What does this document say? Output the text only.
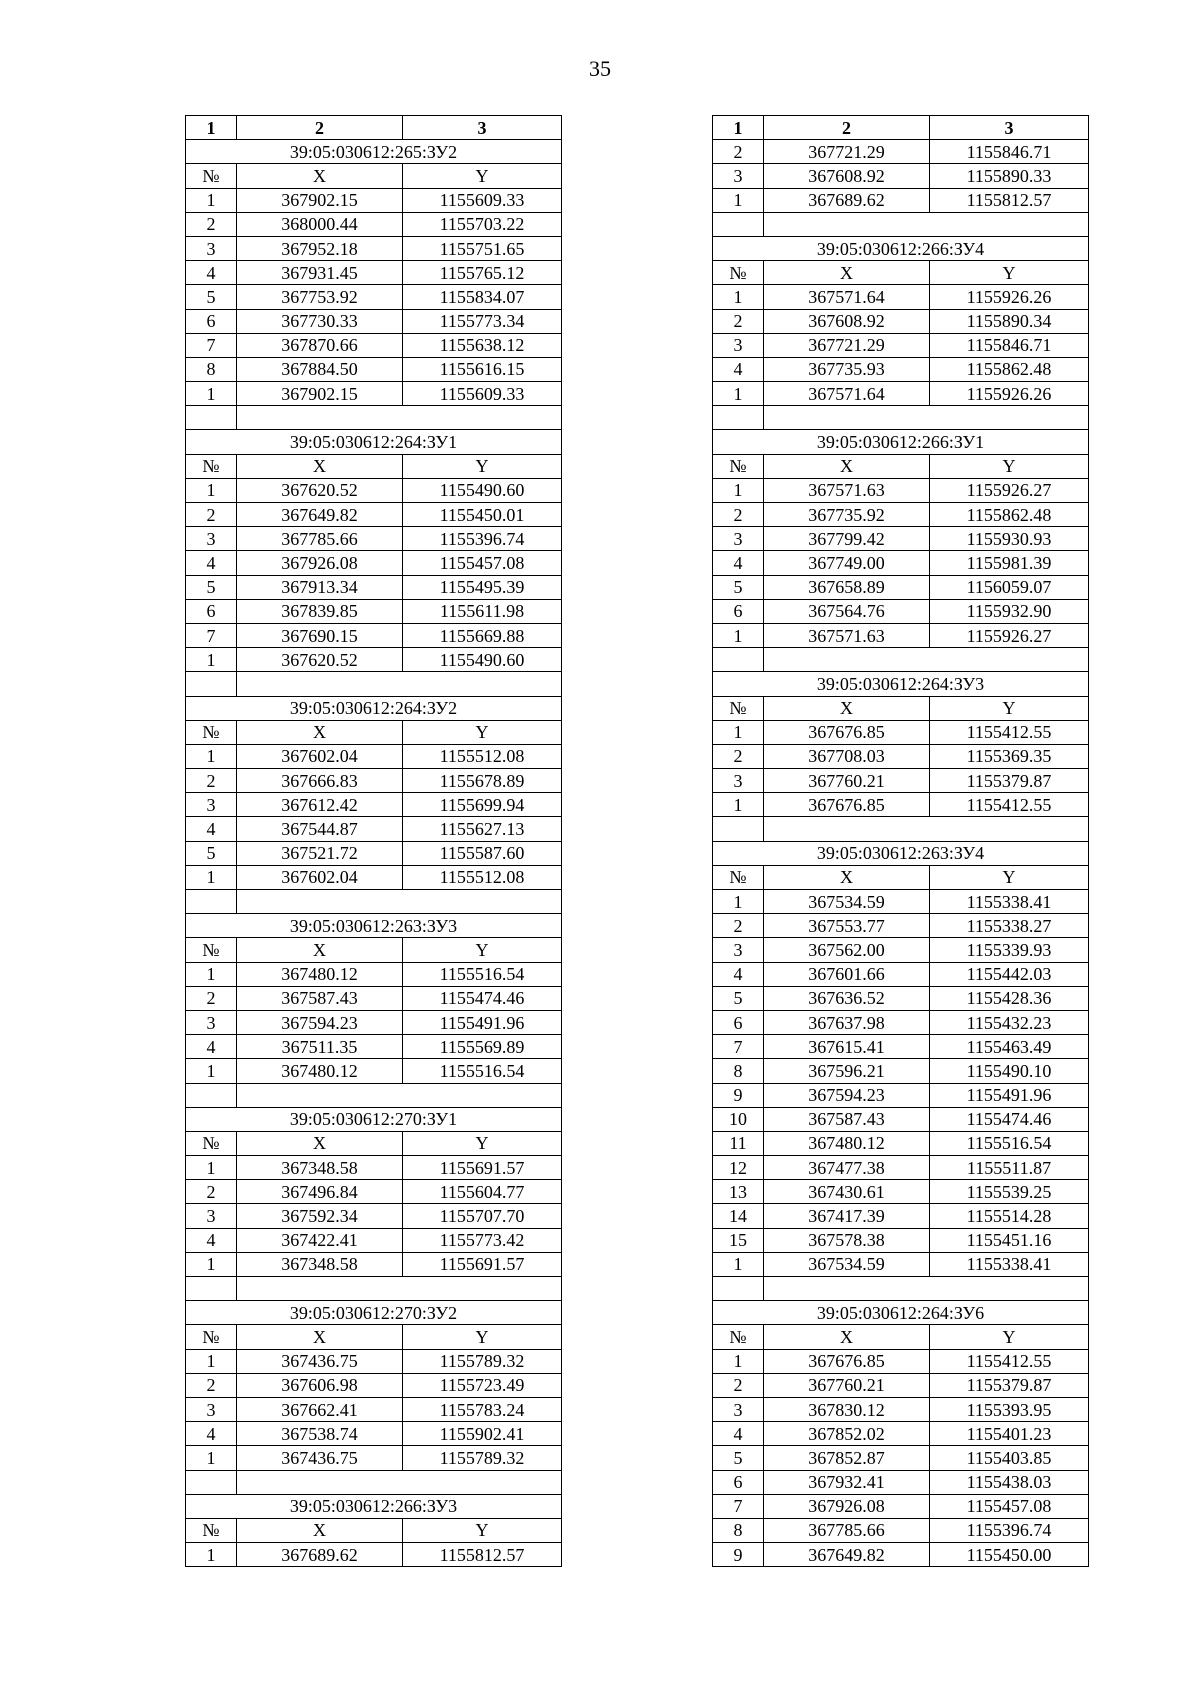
35
1	2	3
39:05:030612:265:ЗУ2		
№	X	Y
1	367902.15	1155609.33
2	368000.44	1155703.22
3	367952.18	1155751.65
4	367931.45	1155765.12
5	367753.92	1155834.07
6	367730.33	1155773.34
7	367870.66	1155638.12
8	367884.50	1155616.15
1	367902.15	1155609.33

39:05:030612:264:ЗУ1		
№	X	Y
1	367620.52	1155490.60
2	367649.82	1155450.01
3	367785.66	1155396.74
4	367926.08	1155457.08
5	367913.34	1155495.39
6	367839.85	1155611.98
7	367690.15	1155669.88
1	367620.52	1155490.60

39:05:030612:264:ЗУ2		
№	X	Y
1	367602.04	1155512.08
2	367666.83	1155678.89
3	367612.42	1155699.94
4	367544.87	1155627.13
5	367521.72	1155587.60
1	367602.04	1155512.08

39:05:030612:263:ЗУ3		
№	X	Y
1	367480.12	1155516.54
2	367587.43	1155474.46
3	367594.23	1155491.96
4	367511.35	1155569.89
1	367480.12	1155516.54

39:05:030612:270:ЗУ1		
№	X	Y
1	367348.58	1155691.57
2	367496.84	1155604.77
3	367592.34	1155707.70
4	367422.41	1155773.42
1	367348.58	1155691.57

39:05:030612:270:ЗУ2		
№	X	Y
1	367436.75	1155789.32
2	367606.98	1155723.49
3	367662.41	1155783.24
4	367538.74	1155902.41
1	367436.75	1155789.32

39:05:030612:266:ЗУ3		
№	X	Y
1	367689.62	1155812.57
1	2	3
2	367721.29	1155846.71
3	367608.92	1155890.33
1	367689.62	1155812.57

39:05:030612:266:ЗУ4		
№	X	Y
1	367571.64	1155926.26
2	367608.92	1155890.34
3	367721.29	1155846.71
4	367735.93	1155862.48
1	367571.64	1155926.26

39:05:030612:266:ЗУ1		
№	X	Y
1	367571.63	1155926.27
2	367735.92	1155862.48
3	367799.42	1155930.93
4	367749.00	1155981.39
5	367658.89	1156059.07
6	367564.76	1155932.90
1	367571.63	1155926.27

39:05:030612:264:ЗУ3		
№	X	Y
1	367676.85	1155412.55
2	367708.03	1155369.35
3	367760.21	1155379.87
1	367676.85	1155412.55

39:05:030612:263:ЗУ4		
№	X	Y
1	367534.59	1155338.41
2	367553.77	1155338.27
3	367562.00	1155339.93
4	367601.66	1155442.03
5	367636.52	1155428.36
6	367637.98	1155432.23
7	367615.41	1155463.49
8	367596.21	1155490.10
9	367594.23	1155491.96
10	367587.43	1155474.46
11	367480.12	1155516.54
12	367477.38	1155511.87
13	367430.61	1155539.25
14	367417.39	1155514.28
15	367578.38	1155451.16
1	367534.59	1155338.41

39:05:030612:264:ЗУ6		
№	X	Y
1	367676.85	1155412.55
2	367760.21	1155379.87
3	367830.12	1155393.95
4	367852.02	1155401.23
5	367852.87	1155403.85
6	367932.41	1155438.03
7	367926.08	1155457.08
8	367785.66	1155396.74
9	367649.82	1155450.00
